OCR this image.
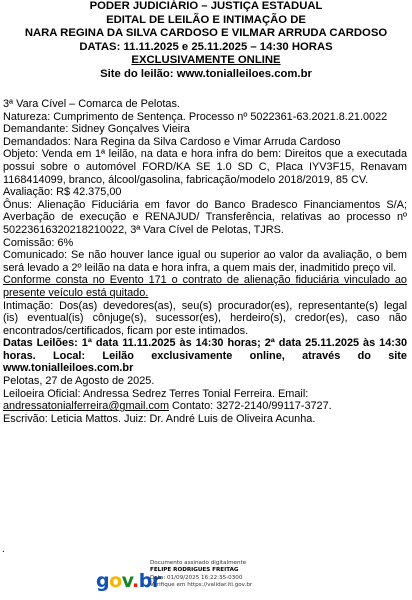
PODER JUDICIÁRIO – JUSTIÇA ESTADUAL
EDITAL DE LEILÃO E INTIMAÇÃO DE
NARA REGINA DA SILVA CARDOSO E VILMAR ARRUDA CARDOSO
DATAS: 11.11.2025 e 25.11.2025 – 14:30 HORAS
EXCLUSIVAMENTE ONLINE
Site do leilão: www.tonialleiloes.com.br

3ª Vara Cível – Comarca de Pelotas.

Natureza: Cumprimento de Sentença. Processo nº 5022361-63.2021.8.21.0022

Demandante: Sidney Gonçalves Vieira

Demandados: Nara Regina da Silva Cardoso e Vimar Arruda Cardoso

Objeto: Venda em 1ª leilão, na data e hora infra do bem: Direitos que a executada possui sobre o automóvel FORD/KA SE 1.0 SD C, Placa IYV3F15, Renavam 1168414099, branco, álcool/gasolina, fabricação/modelo 2018/2019, 85 CV.

Avaliação: R$ 42.375,00

Ônus: Alienação Fiduciária em favor do Banco Bradesco Financiamentos S/A; Averbação de execução e RENAJUD/ Transferência, relativas ao processo nº 50223616320218210022, 3ª Vara Cível de Pelotas, TJRS.

Comissão: 6%

Comunicado: Se não houver lance igual ou superior ao valor da avaliação, o bem será levado a 2º leilão na data e hora infra, a quem mais der, inadmitido preço vil.

Conforme consta no Evento 171 o contrato de alienação fiduciária vinculado ao presente veículo está quitado.

Intimação: Dos(as) devedores(as), seu(s) procurador(es), representante(s) legal (is) eventual(is) cônjuge(s), sucessor(es), herdeiro(s), credor(es), caso não encontrados/certificados, ficam por este intimados.

Datas Leilões: 1ª data 11.11.2025 às 14:30 horas; 2ª data 25.11.2025 às 14:30 horas. Local: Leilão exclusivamente online, através do site www.tonialleiloes.com.br

Pelotas, 27 de Agosto de 2025.

Leiloeira Oficial: Andressa Sedrez Terres Tonial Ferreira. Email:

andressatonialferreira@gmail.com Contato: 3272-2140/99117-3727.

Escrivão: Leticia Mattos. Juiz: Dr. André Luis de Oliveira Acunha.

.
gov.br
Documento assinado digitalmente
FELIPE RODRIGUES FREITAG
Data: 01/09/2025 16:22:35-0300
Verifique em https://validar.iti.gov.br
